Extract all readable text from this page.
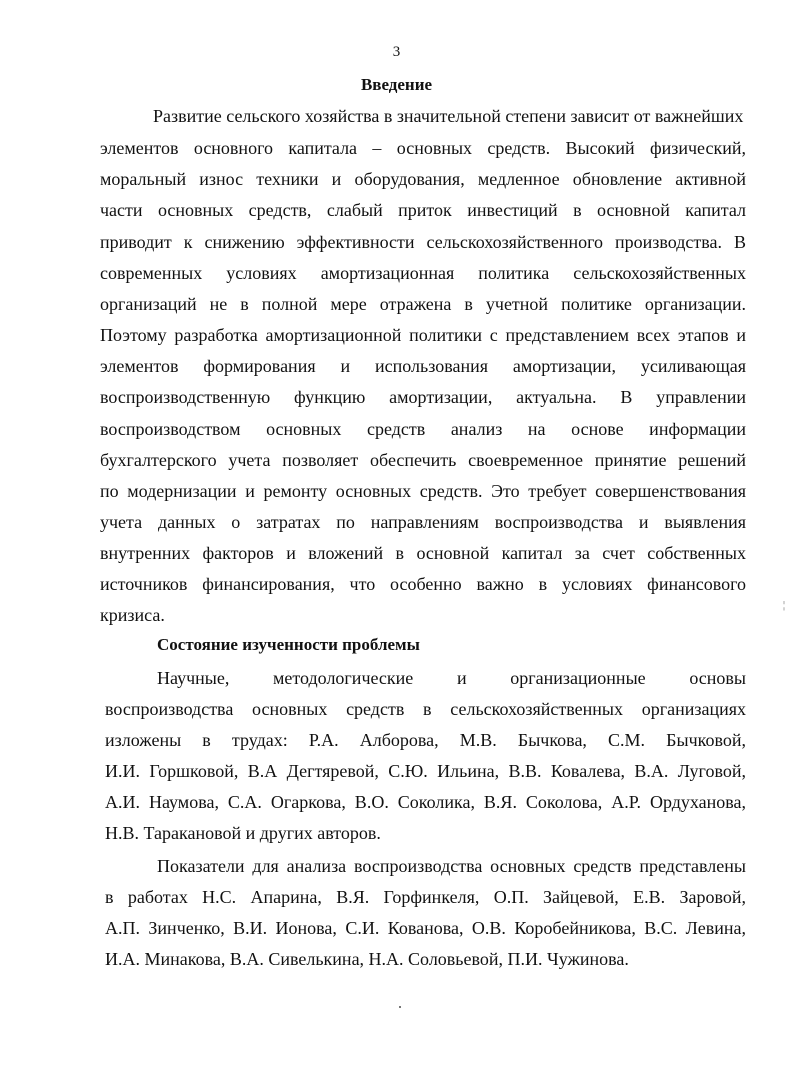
3
Введение
Развитие сельского хозяйства в значительной степени зависит от важнейших
элементов основного капитала – основных средств. Высокий физический,
моральный износ техники и оборудования, медленное обновление активной
части основных средств, слабый приток инвестиций в основной капитал
приводит к снижению эффективности сельскохозяйственного производства. В
современных условиях амортизационная политика сельскохозяйственных
организаций не в полной мере отражена в учетной политике организации.
Поэтому разработка амортизационной политики с представлением всех этапов и
элементов формирования и использования амортизации, усиливающая
воспроизводственную функцию амортизации, актуальна. В управлении
воспроизводством основных средств анализ на основе информации
бухгалтерского учета позволяет обеспечить своевременное принятие решений
по модернизации и ремонту основных средств. Это требует совершенствования
учета данных о затратах по направлениям воспроизводства и выявления
внутренних факторов и вложений в основной капитал за счет собственных
источников финансирования, что особенно важно в условиях финансового
кризиса.
Состояние изученности проблемы
Научные, методологические и организационные основы
воспроизводства основных средств в сельскохозяйственных организациях
изложены в трудах: Р.А. Алборова, М.В. Бычкова, С.М. Бычковой,
И.И. Горшковой, В.А Дегтяревой, С.Ю. Ильина, В.В. Ковалева, В.А. Луговой,
А.И. Наумова, С.А. Огаркова, В.О. Соколика, В.Я. Соколова, А.Р. Ордуханова,
Н.В. Таракановой и других авторов.
Показатели для анализа воспроизводства основных средств представлены
в работах Н.С. Апарина, В.Я. Горфинкеля, О.П. Зайцевой, Е.В. Заровой,
А.П. Зинченко, В.И. Ионова, С.И. Кованова, О.В. Коробейникова, В.С. Левина,
И.А. Минакова, В.А. Сивелькина, Н.А. Соловьевой, П.И. Чужинова.
¦
